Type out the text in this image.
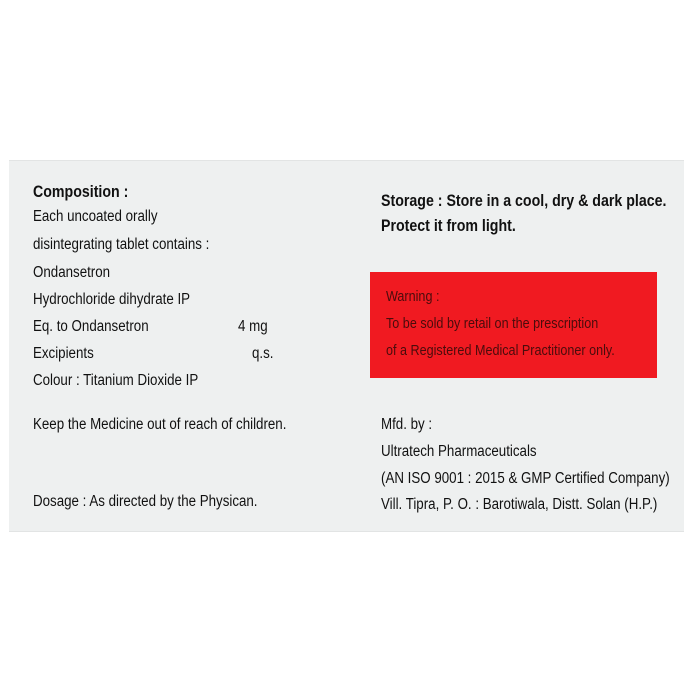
Composition :
Each uncoated orally
disintegrating tablet contains :
Ondansetron
Hydrochloride dihydrate IP
Eq. to Ondansetron	4 mg
Excipients	q.s.
Colour : Titanium Dioxide IP
Keep the Medicine out of reach of children.
Dosage : As directed by the Physican.
Storage : Store in a cool, dry & dark place.
Protect it from light.
Warning :
To be sold by retail on the prescription
of a Registered Medical Practitioner only.
Mfd. by :
Ultratech Pharmaceuticals
(AN ISO 9001 : 2015 & GMP Certified Company)
Vill. Tipra, P. O. : Barotiwala, Distt. Solan (H.P.)
